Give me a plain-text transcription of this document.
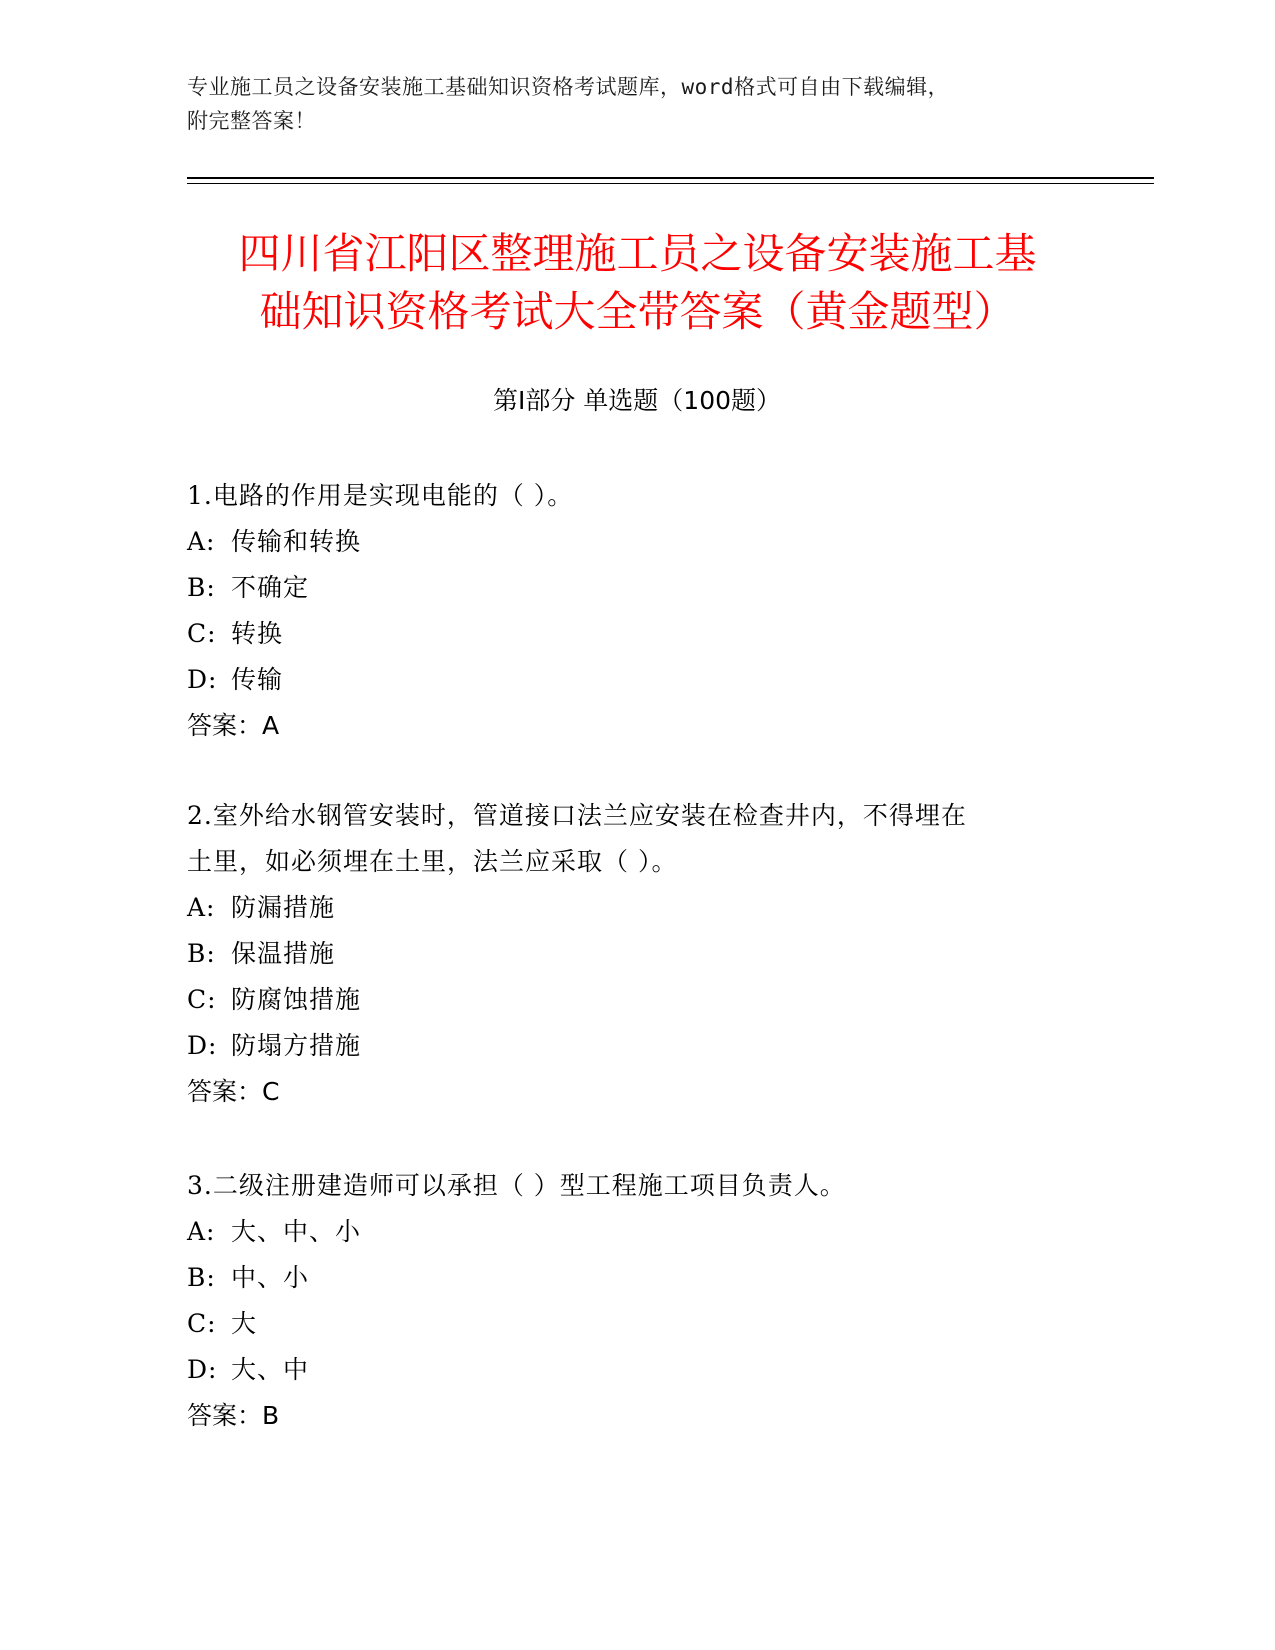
专业施工员之设备安装施工基础知识资格考试题库，word格式可自由下载编辑，
附完整答案！
四川省江阳区整理施工员之设备安装施工基
础知识资格考试大全带答案（黄金题型）
第Ⅰ部分 单选题（100题）
1.电路的作用是实现电能的（ ）。
A: 传输和转换
B: 不确定
C: 转换
D: 传输
答案：A
2.室外给水钢管安装时，管道接口法兰应安装在检查井内，不得埋在
土里，如必须埋在土里，法兰应采取（ ）。
A: 防漏措施
B: 保温措施
C: 防腐蚀措施
D: 防塌方措施
答案：C
3.二级注册建造师可以承担（ ）型工程施工项目负责人。
A: 大、中、小
B: 中、小
C: 大
D: 大、中
答案：B
